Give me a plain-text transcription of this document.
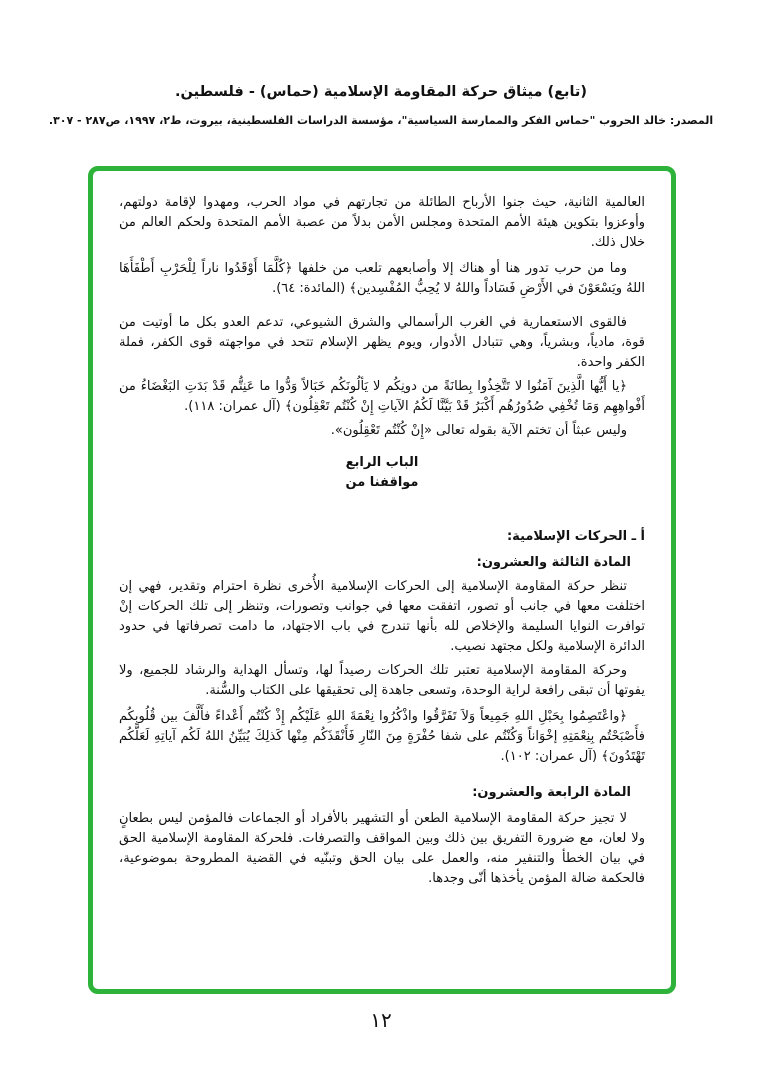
(تابع) ميثاق حركة المقاومة الإسلامية (حماس) - فلسطين.
المصدر: خالد الحروب "حماس الفكر والممارسة السياسية"، مؤسسة الدراسات الفلسطينية، بيروت، ط٢، ١٩٩٧، ص٢٨٧ - ٣٠٧.
العالمية الثانية، حيث جنوا الأرباح الطائلة من تجارتهم في مواد الحرب، ومهدوا لإقامة دولتهم، وأوعزوا بتكوين هيئة الأمم المتحدة ومجلس الأمن بدلاً من عصبة الأمم المتحدة ولحكم العالم من خلال ذلك.
وما من حرب تدور هنا أو هناك إلا وأصابعهم تلعب من خلفها ﴿كُلَّمَا أَوْقَدُوا ناراً لِلْحَرْبِ أَطْفَأَهَا اللهُ ويَسْعَوْنَ في الأَرْضِ فَسَاداً واللهُ لا يُحِبُّ المُفْسِدين﴾ (المائدة: ٦٤).
فالقوى الاستعمارية في الغرب الرأسمالي والشرق الشيوعي، تدعم العدو بكل ما أوتيت من قوة، مادياً، وبشرياً، وهي تتبادل الأدوار، ويوم يظهر الإسلام تتحد في مواجهته قوى الكفر، فملة الكفر واحدة.
﴿يا أَيُّها الَّذِينَ آمَنُوا لا تَتَّخِذُوا بِطانَةً من دونِكُم لا يَألُونَكُم خَبَالاً وَدُّوا ما عَنِتُّم قَدْ بَدَتِ البَغْضَاءُ من أَفْواهِهِم وَمَا تُخْفِي صُدُورُهُم أَكْبَرُ قَدْ بَيَّنَّا لَكُمُ الآياتِ إِنْ كُنْتُم تَعْقِلُون﴾ (آل عمران: ١١٨).
وليس عبثاً أن تختم الآية بقوله تعالى «إِنْ كُنْتُم تَعْقِلُون».
الباب الرابع
مواقفنا من
أ ـ الحركات الإسلامية:
المادة الثالثة والعشرون:
تنظر حركة المقاومة الإسلامية إلى الحركات الإسلامية الأُخرى نظرة احترام وتقدير، فهي إن اختلفت معها في جانب أو تصور، اتفقت معها في جوانب وتصورات، وتنظر إلى تلك الحركات إنْ توافرت النوايا السليمة والإخلاص لله بأنها تندرج في باب الاجتهاد، ما دامت تصرفاتها في حدود الدائرة الإسلامية ولكل مجتهد نصيب.
وحركة المقاومة الإسلامية تعتبر تلك الحركات رصيداً لها، وتسأل الهداية والرشاد للجميع، ولا يفوتها أن تبقى رافعة لراية الوحدة، وتسعى جاهدة إلى تحقيقها على الكتاب والسُّنة.
﴿واعْتَصِمُوا بِحَبْلِ اللهِ جَمِيعاً وَلاَ تَفَرَّقُوا واذْكُرُوا نِعْمَةَ اللهِ عَلَيْكُم إِذْ كُنْتُم أَعْداءً فأَلَّفَ بين قُلُوبِكُم فأَصْبَحْتُم بِنِعْمَتِهِ إخْوَاناً وَكُنْتُم على شفا حُفْرَةٍ مِنَ النّارِ فَأَنْقَذَكُم مِنْها كَذلِكَ يُبَيِّنُ اللهُ لَكُم آياتِهِ لَعَلَّكُم تَهْتَدُونَ﴾ (آل عمران: ١٠٢).
المادة الرابعة والعشرون:
لا تجيز حركة المقاومة الإسلامية الطعن أو التشهير بالأفراد أو الجماعات فالمؤمن ليس بطعانٍ ولا لعان، مع ضرورة التفريق بين ذلك وبين المواقف والتصرفات. فلحركة المقاومة الإسلامية الحق في بيان الخطأ والتنفير منه، والعمل على بيان الحق وتبنّيه في القضية المطروحة بموضوعية، فالحكمة ضالة المؤمن يأخذها أنّى وجدها.
١٢
